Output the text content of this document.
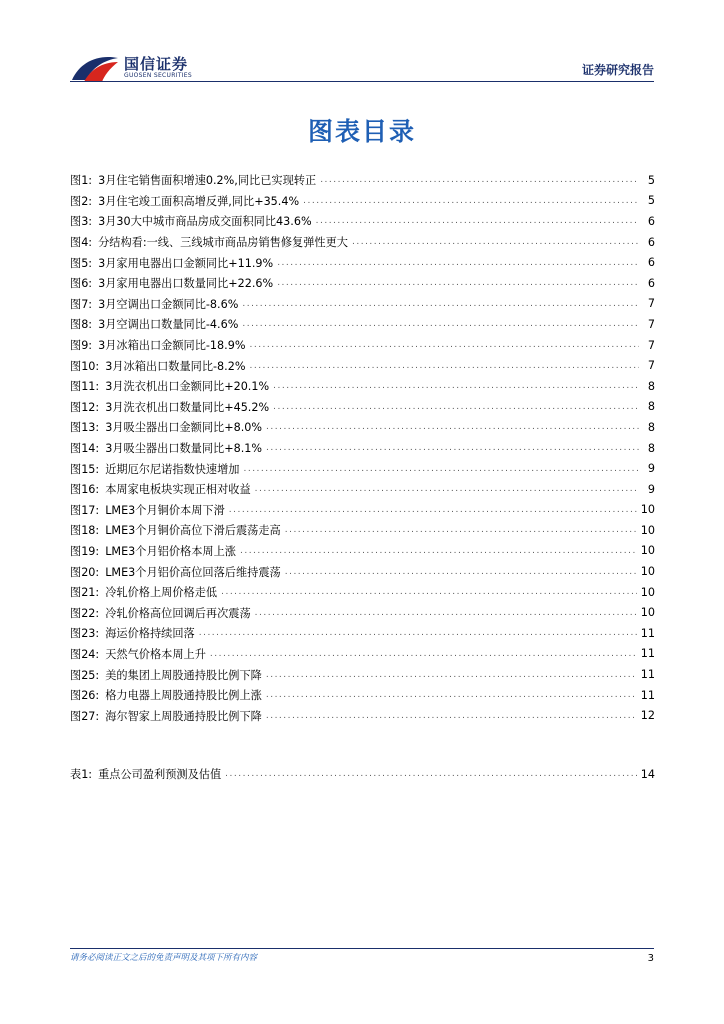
国信证券
GUOSEN SECURITIES	证券研究报告
图表目录
图1: 3月住宅销售面积增速0.2%,同比已实现转正 .....	5
图2: 3月住宅竣工面积高增反弹,同比+35.4% .....	5
图3: 3月30大中城市商品房成交面积同比43.6% .....	6
图4: 分结构看:一线、三线城市商品房销售修复弹性更大 .....	6
图5: 3月家用电器出口金额同比+11.9% .....	6
图6: 3月家用电器出口数量同比+22.6% .....	6
图7: 3月空调出口金额同比-8.6% .....	7
图8: 3月空调出口数量同比-4.6% .....	7
图9: 3月冰箱出口金额同比-18.9% .....	7
图10: 3月冰箱出口数量同比-8.2% .....	7
图11: 3月洗衣机出口金额同比+20.1% .....	8
图12: 3月洗衣机出口数量同比+45.2% .....	8
图13: 3月吸尘器出口金额同比+8.0% .....	8
图14: 3月吸尘器出口数量同比+8.1% .....	8
图15: 近期厄尔尼诺指数快速增加 .....	9
图16: 本周家电板块实现正相对收益 .....	9
图17: LME3个月铜价本周下滑 .....	10
图18: LME3个月铜价高位下滑后震荡走高 .....	10
图19: LME3个月铝价格本周上涨 .....	10
图20: LME3个月铝价高位回落后维持震荡 .....	10
图21: 冷轧价格上周价格走低 .....	10
图22: 冷轧价格高位回调后再次震荡 .....	10
图23: 海运价格持续回落 .....	11
图24: 天然气价格本周上升 .....	11
图25: 美的集团上周股通持股比例下降 .....	11
图26: 格力电器上周股通持股比例上涨 .....	11
图27: 海尔智家上周股通持股比例下降 .....	12
表1: 重点公司盈利预测及估值 .....	14
请务必阅读正文之后的免责声明及其项下所有内容	3
